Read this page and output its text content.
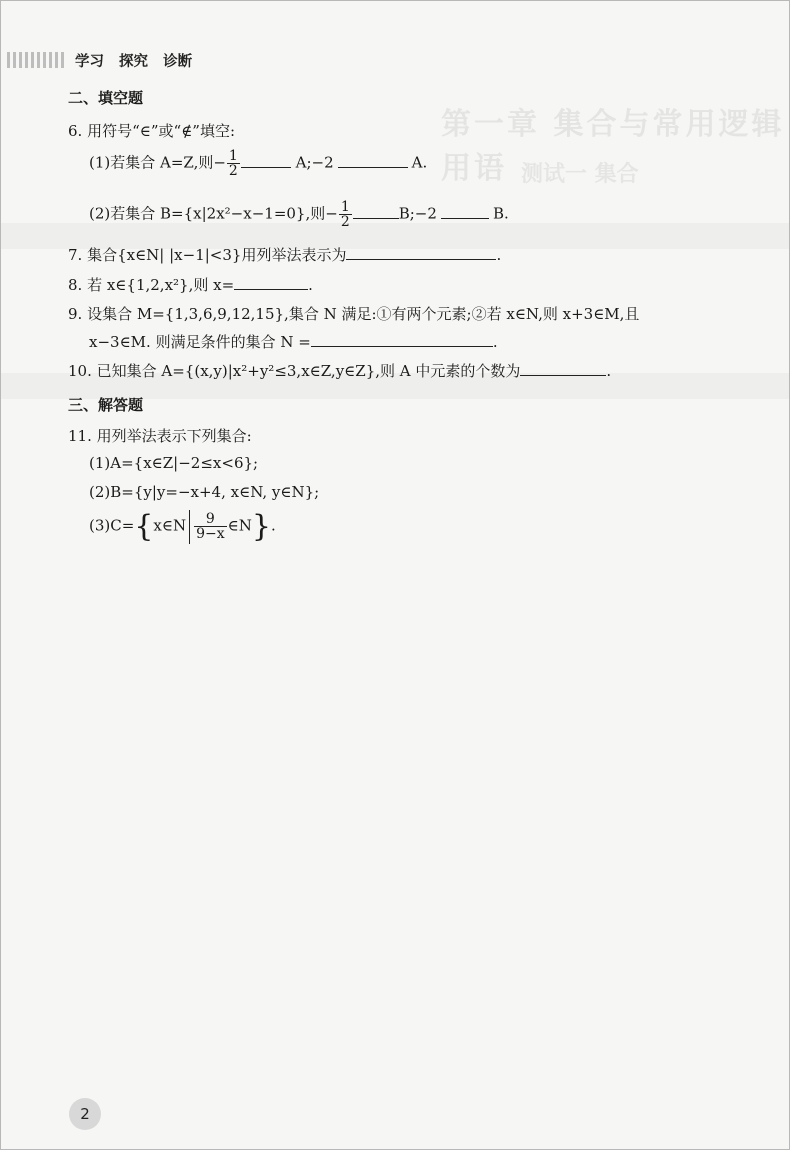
第一章 集合与常用逻辑用语 测试一 集合
学习 探究 诊断
二、填空题
6. 用符号“∈”或“∉”填空:
(1)若集合 A=Z,则− $\frac{1}{2}$	A;−2	A.
(2)若集合 B={x|2x²−x−1=0},则− $\frac{1}{2}$	B;−2	B.
7. 集合{x∈N| |x−1|<3}用列举法表示为	.
8. 若 x∈{1,2,x²},则 x=	.
9. 设集合 M={1,3,6,9,12,15},集合 N 满足:①有两个元素;②若 x∈N,则 x+3∈M,且
x−3∈M. 则满足条件的集合 N =	.
10. 已知集合 A={(x,y)|x²+y²≤3,x∈Z,y∈Z},则 A 中元素的个数为	.
三、解答题
11. 用列举法表示下列集合:
(1)A={x∈Z|−2≤x<6};
(2)B={y|y=−x+4, x∈N, y∈N};
(3)C={x∈N $\frac{9}{9-x}$ ∈N}.
2
